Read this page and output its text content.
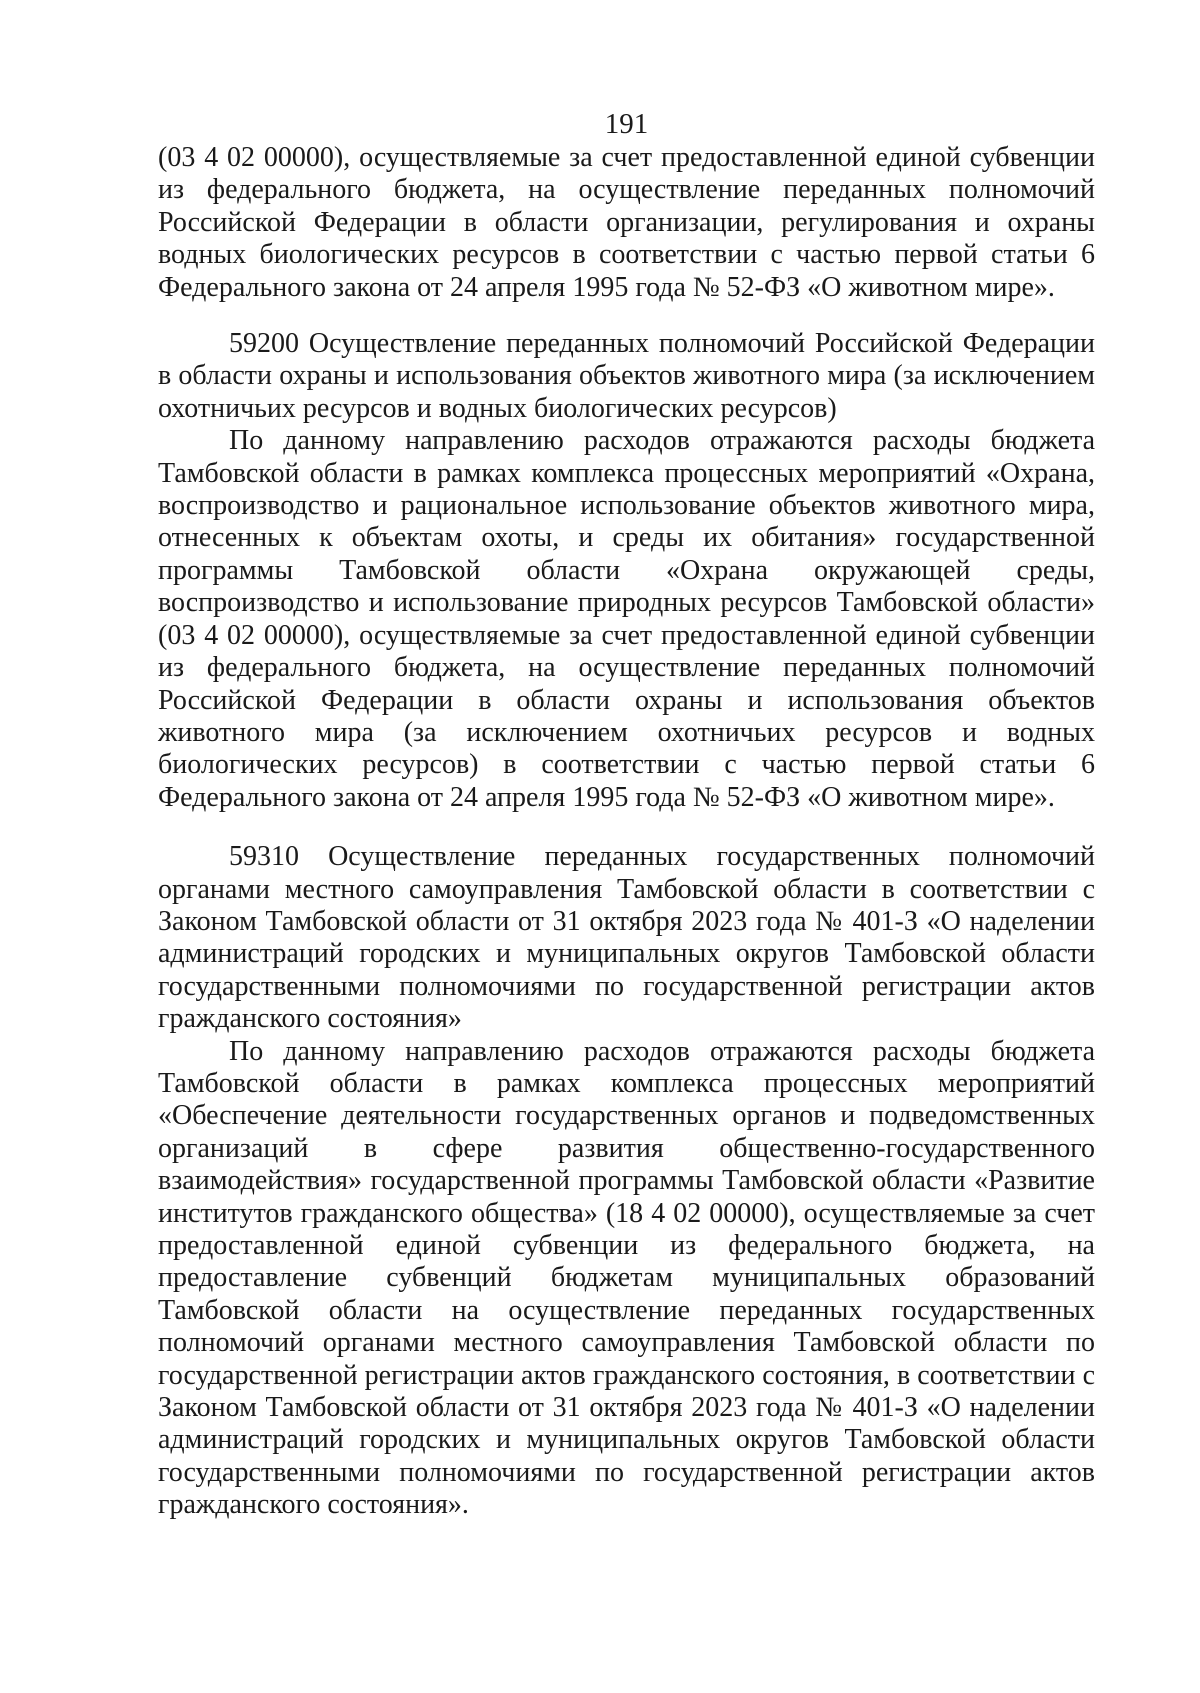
191

(03 4 02 00000), осуществляемые за счет предоставленной единой субвенции из федерального бюджета, на осуществление переданных полномочий Российской Федерации в области организации, регулирования и охраны водных биологических ресурсов в соответствии с частью первой статьи 6 Федерального закона от 24 апреля 1995 года № 52-ФЗ «О животном мире».

59200 Осуществление переданных полномочий Российской Федерации в области охраны и использования объектов животного мира (за исключением охотничьих ресурсов и водных биологических ресурсов)

По данному направлению расходов отражаются расходы бюджета Тамбовской области в рамках комплекса процессных мероприятий «Охрана, воспроизводство и рациональное использование объектов животного мира, отнесенных к объектам охоты, и среды их обитания» государственной программы Тамбовской области «Охрана окружающей среды, воспроизводство и использование природных ресурсов Тамбовской области» (03 4 02 00000), осуществляемые за счет предоставленной единой субвенции из федерального бюджета, на осуществление переданных полномочий Российской Федерации в области охраны и использования объектов животного мира (за исключением охотничьих ресурсов и водных биологических ресурсов) в соответствии с частью первой статьи 6 Федерального закона от 24 апреля 1995 года № 52-ФЗ «О животном мире».

59310 Осуществление переданных государственных полномочий органами местного самоуправления Тамбовской области в соответствии с Законом Тамбовской области от 31 октября 2023 года № 401-З «О наделении администраций городских и муниципальных округов Тамбовской области государственными полномочиями по государственной регистрации актов гражданского состояния»

По данному направлению расходов отражаются расходы бюджета Тамбовской области в рамках комплекса процессных мероприятий «Обеспечение деятельности государственных органов и подведомственных организаций в сфере развития общественно-государственного взаимодействия» государственной программы Тамбовской области «Развитие институтов гражданского общества» (18 4 02 00000), осуществляемые за счет предоставленной единой субвенции из федерального бюджета, на предоставление субвенций бюджетам муниципальных образований Тамбовской области на осуществление переданных государственных полномочий органами местного самоуправления Тамбовской области по государственной регистрации актов гражданского состояния, в соответствии с Законом Тамбовской области от 31 октября 2023 года № 401-З «О наделении администраций городских и муниципальных округов Тамбовской области государственными полномочиями по государственной регистрации актов гражданского состояния».
